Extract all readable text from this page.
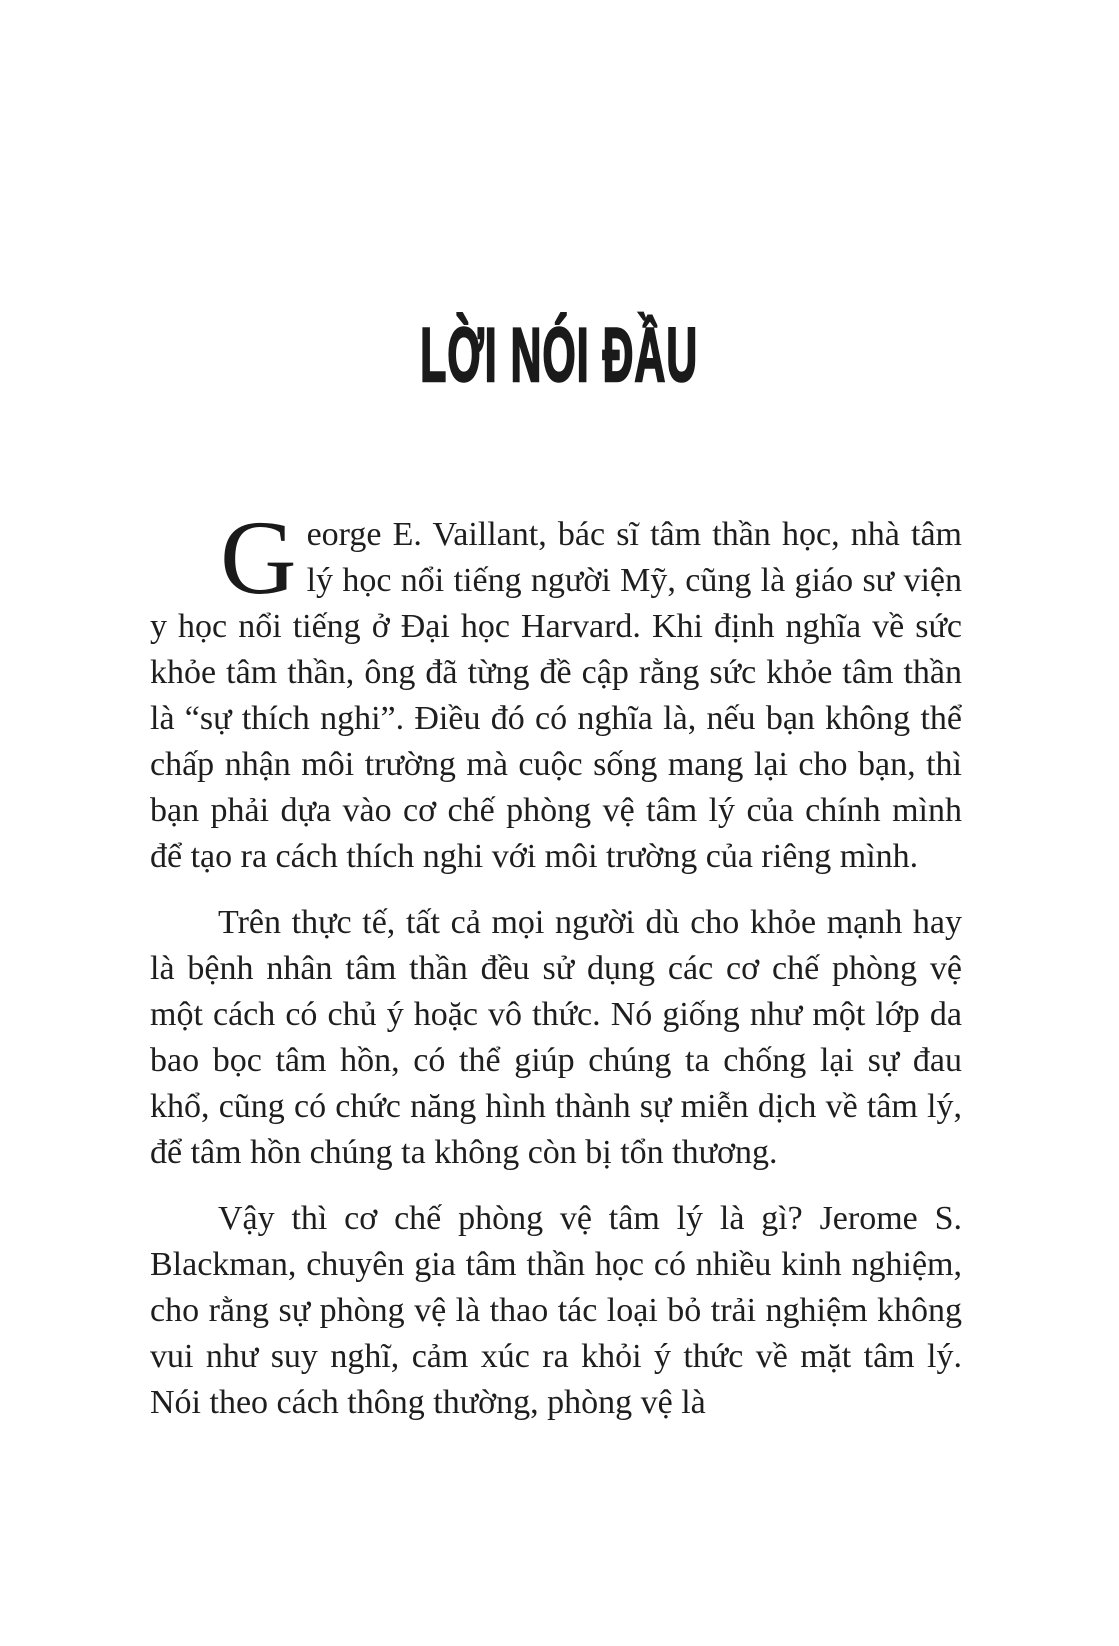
LỜI NÓI ĐẦU

George E. Vaillant, bác sĩ tâm thần học, nhà tâm lý học nổi tiếng người Mỹ, cũng là giáo sư viện y học nổi tiếng ở Đại học Harvard. Khi định nghĩa về sức khỏe tâm thần, ông đã từng đề cập rằng sức khỏe tâm thần là “sự thích nghi”. Điều đó có nghĩa là, nếu bạn không thể chấp nhận môi trường mà cuộc sống mang lại cho bạn, thì bạn phải dựa vào cơ chế phòng vệ tâm lý của chính mình để tạo ra cách thích nghi với môi trường của riêng mình.

Trên thực tế, tất cả mọi người dù cho khỏe mạnh hay là bệnh nhân tâm thần đều sử dụng các cơ chế phòng vệ một cách có chủ ý hoặc vô thức. Nó giống như một lớp da bao bọc tâm hồn, có thể giúp chúng ta chống lại sự đau khổ, cũng có chức năng hình thành sự miễn dịch về tâm lý, để tâm hồn chúng ta không còn bị tổn thương.

Vậy thì cơ chế phòng vệ tâm lý là gì? Jerome S. Blackman, chuyên gia tâm thần học có nhiều kinh nghiệm, cho rằng sự phòng vệ là thao tác loại bỏ trải nghiệm không vui như suy nghĩ, cảm xúc ra khỏi ý thức về mặt tâm lý. Nói theo cách thông thường, phòng vệ là
